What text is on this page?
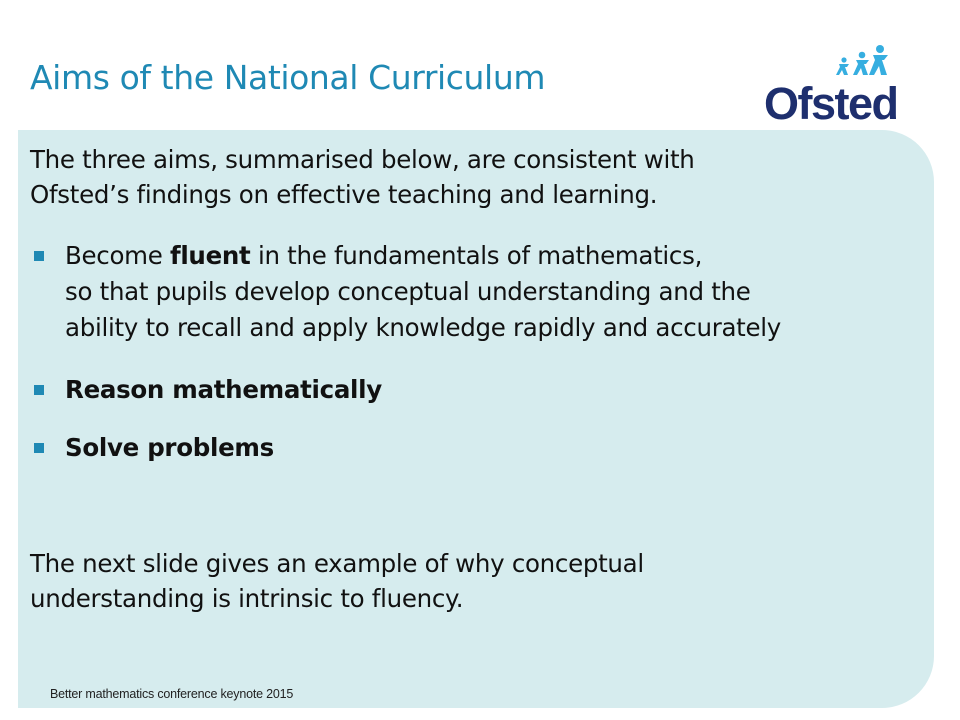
Aims of the National Curriculum
Ofsted
The three aims, summarised below, are consistent with
Ofsted’s findings on effective teaching and learning.
Become fluent in the fundamentals of mathematics,
so that pupils develop conceptual understanding and the
ability to recall and apply knowledge rapidly and accurately
Reason mathematically
Solve problems
The next slide gives an example of why conceptual
understanding is intrinsic to fluency.
Better mathematics conference keynote 2015
